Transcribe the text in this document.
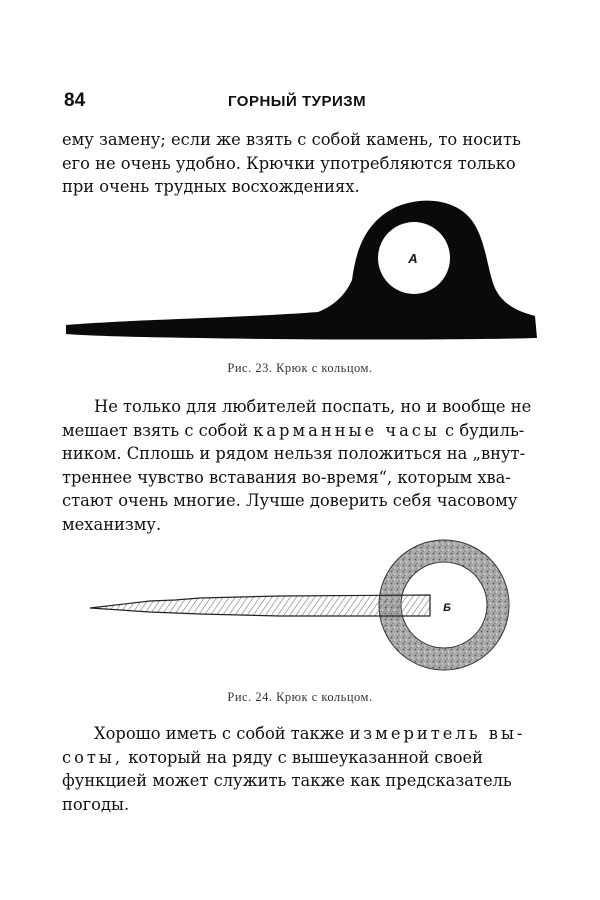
84	ГОРНЫЙ ТУРИЗМ
ему замену; если же взять с собой камень, то носить
его не очень удобно. Крючки употребляются только
при очень трудных восхождениях.
A
Рис. 23. Крюк с кольцом.
Не только для любителей поспать, но и вообще не
мешает взять с собой карманные часы с будиль-
ником. Сплошь и рядом нельзя положиться на „внут-
треннее чувство вставания во-время“, которым хва-
стают очень многие. Лучше доверить себя часовому
механизму.
Б
Рис. 24. Крюк с кольцом.
Хорошо иметь с собой также измеритель вы-
соты, который на ряду с вышеуказанной своей
функцией может служить также как предсказатель
погоды.
